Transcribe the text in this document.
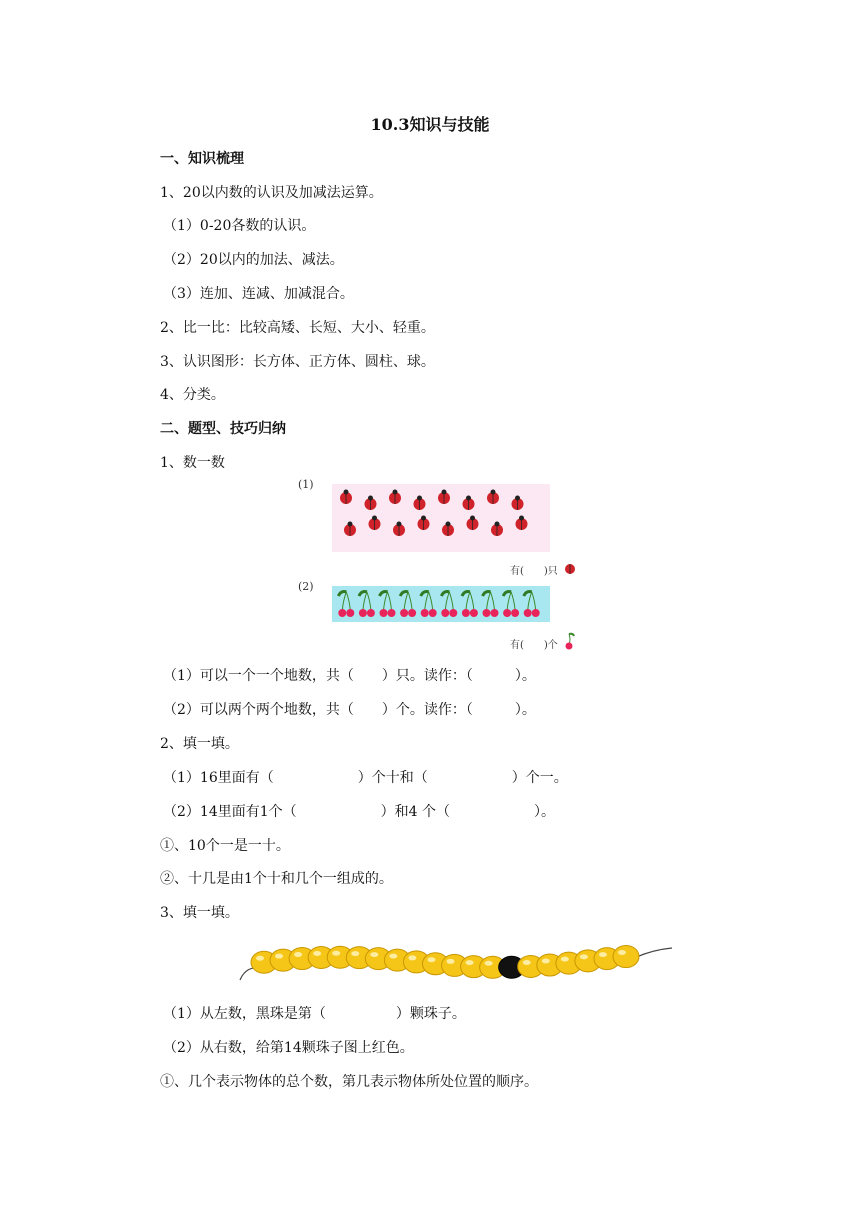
10.3知识与技能
一、知识梳理
1、20以内数的认识及加减法运算。
（1）0-20各数的认识。
（2）20以内的加法、减法。
（3）连加、连减、加减混合。
2、比一比：比较高矮、长短、大小、轻重。
3、认识图形：长方体、正方体、圆柱、球。
4、分类。
二、题型、技巧归纳
1、数一数
(1)
有(　　)只
(2)
有(　　)个
（1）可以一个一个地数，共（　　）只。读作：（　　　）。
（2）可以两个两个地数，共（　　）个。读作：（　　　）。
2、填一填。
（1）16里面有（　　　　　　）个十和（　　　　　　）个一。
（2）14里面有1个（　　　　　　）和4 个（　　　　　　）。
①、10个一是一十。
②、十几是由1个十和几个一组成的。
3、填一填。
（1）从左数，黑珠是第（　　　　　）颗珠子。
（2）从右数，给第14颗珠子图上红色。
①、几个表示物体的总个数，第几表示物体所处位置的顺序。
